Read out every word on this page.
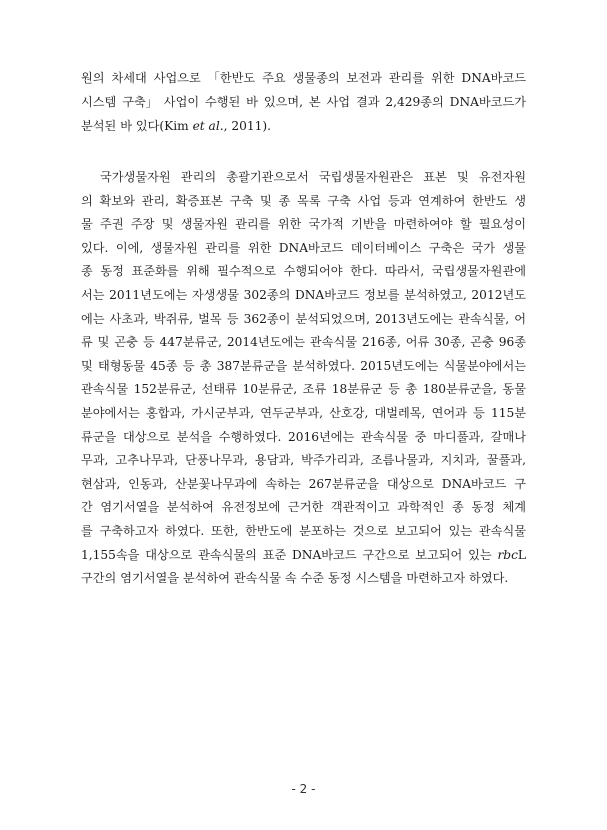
원의 차세대 사업으로 「한반도 주요 생물종의 보전과 관리를 위한 DNA바코드
시스템 구축」 사업이 수행된 바 있으며, 본 사업 결과 2,429종의 DNA바코드가
분석된 바 있다(Kim et al., 2011).
국가생물자원 관리의 총괄기관으로서 국립생물자원관은 표본 및 유전자원
의 확보와 관리, 확증표본 구축 및 종 목록 구축 사업 등과 연계하여 한반도 생
물 주권 주장 및 생물자원 관리를 위한 국가적 기반을 마련하여야 할 필요성이
있다. 이에, 생물자원 관리를 위한 DNA바코드 데이터베이스 구축은 국가 생물
종 동정 표준화를 위해 필수적으로 수행되어야 한다. 따라서, 국립생물자원관에
서는 2011년도에는 자생생물 302종의 DNA바코드 정보를 분석하였고, 2012년도
에는 사초과, 박쥐류, 벌목 등 362종이 분석되었으며, 2013년도에는 관속식물, 어
류 및 곤충 등 447분류군, 2014년도에는 관속식물 216종, 어류 30종, 곤충 96종
및 태형동물 45종 등 총 387분류군을 분석하였다. 2015년도에는 식물분야에서는
관속식물 152분류군, 선태류 10분류군, 조류 18분류군 등 총 180분류군을, 동물
분야에서는 홍합과, 가시군부과, 연두군부과, 산호강, 대벌레목, 연어과 등 115분
류군을 대상으로 분석을 수행하였다. 2016년에는 관속식물 중 마디풀과, 갈매나
무과, 고추나무과, 단풍나무과, 용담과, 박주가리과, 조름나물과, 지치과, 꿀풀과,
현삼과, 인동과, 산분꽃나무과에 속하는 267분류군을 대상으로 DNA바코드 구
간 염기서열을 분석하여 유전정보에 근거한 객관적이고 과학적인 종 동정 체계
를 구축하고자 하였다. 또한, 한반도에 분포하는 것으로 보고되어 있는 관속식물
1,155속을 대상으로 관속식물의 표준 DNA바코드 구간으로 보고되어 있는 rbcL
구간의 염기서열을 분석하여 관속식물 속 수준 동정 시스템을 마련하고자 하였다.
- 2 -
